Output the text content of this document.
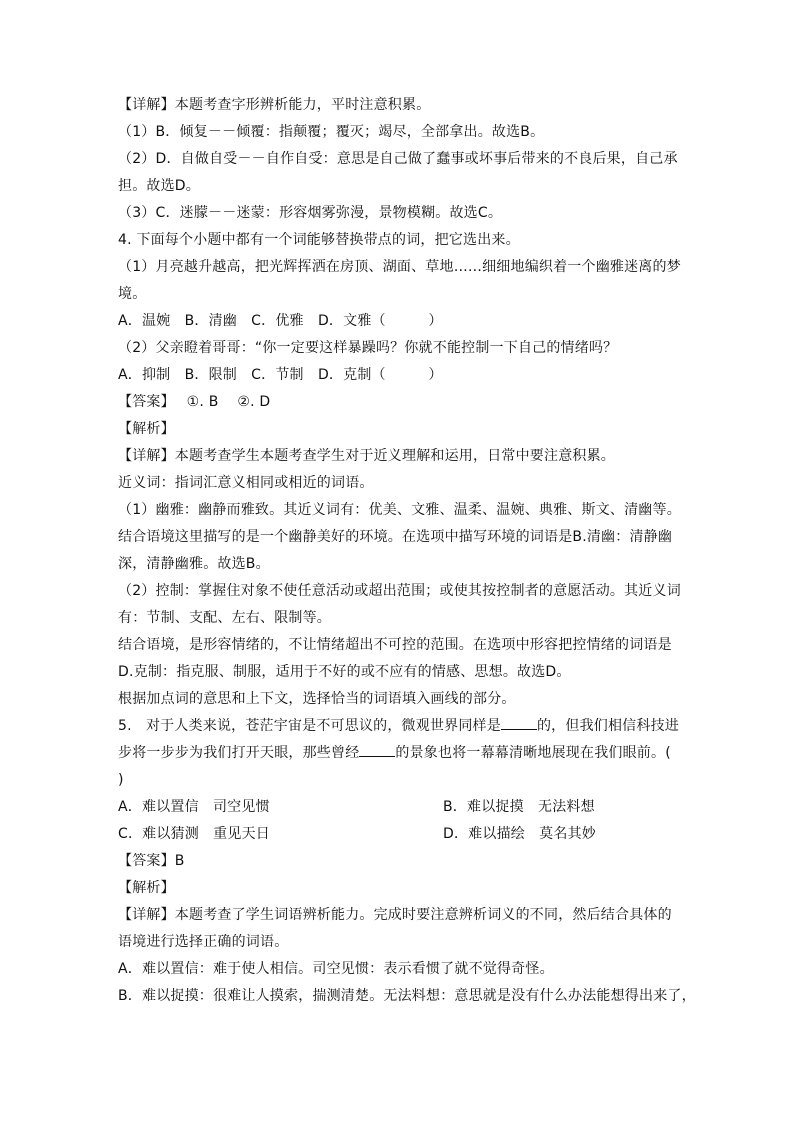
【详解】本题考查字形辨析能力，平时注意积累。
（1）B．倾复－－倾覆：指颠覆；覆灭；竭尽，全部拿出。故选B。
（2）D．自做自受－－自作自受：意思是自己做了蠢事或坏事后带来的不良后果，自己承
担。故选D。
（3）C．迷朦－－迷蒙：形容烟雾弥漫，景物模糊。故选C。
4. 下面每个小题中都有一个词能够替换带点的词，把它选出来。
（1）月亮越升越高，把光辉挥洒在房顶、湖面、草地……细细地编织着一个幽雅迷离的梦
境。
A．温婉　B．清幽　C．优雅　D．文雅（　　　）
（2）父亲瞪着哥哥：“你一定要这样暴躁吗？你就不能控制一下自己的情绪吗？
A．抑制　B．限制　C．节制　D．克制（　　　）
【答案】　 ①. B　 ②. D
【解析】
【详解】本题考查学生本题考查学生对于近义理解和运用，日常中要注意积累。
近义词：指词汇意义相同或相近的词语。
（1）幽雅：幽静而雅致。其近义词有：优美、文雅、温柔、温婉、典雅、斯文、清幽等。
结合语境这里描写的是一个幽静美好的环境。在选项中描写环境的词语是B.清幽：清静幽
深，清静幽雅。故选B。
（2）控制：掌握住对象不使任意活动或超出范围；或使其按控制者的意愿活动。其近义词
有：节制、支配、左右、限制等。
结合语境，是形容情绪的，不让情绪超出不可控的范围。在选项中形容把控情绪的词语是
D.克制：指克服、制服，适用于不好的或不应有的情感、思想。故选D。
根据加点词的意思和上下文，选择恰当的词语填入画线的部分。
5.　对于人类来说，苍茫宇宙是不可思议的，微观世界同样是	的，但我们相信科技进
步将一步步为我们打开天眼，那些曾经	的景象也将一幕幕清晰地展现在我们眼前。(
)
A．难以置信　司空见惯	B．难以捉摸　无法料想
C．难以猜测　重见天日	D．难以描绘　莫名其妙
【答案】B
【解析】
【详解】本题考查了学生词语辨析能力。完成时要注意辨析词义的不同，然后结合具体的
语境进行选择正确的词语。
A．难以置信：难于使人相信。司空见惯：表示看惯了就不觉得奇怪。
B．难以捉摸：很难让人摸索，揣测清楚。无法料想：意思就是没有什么办法能想得出来了，
